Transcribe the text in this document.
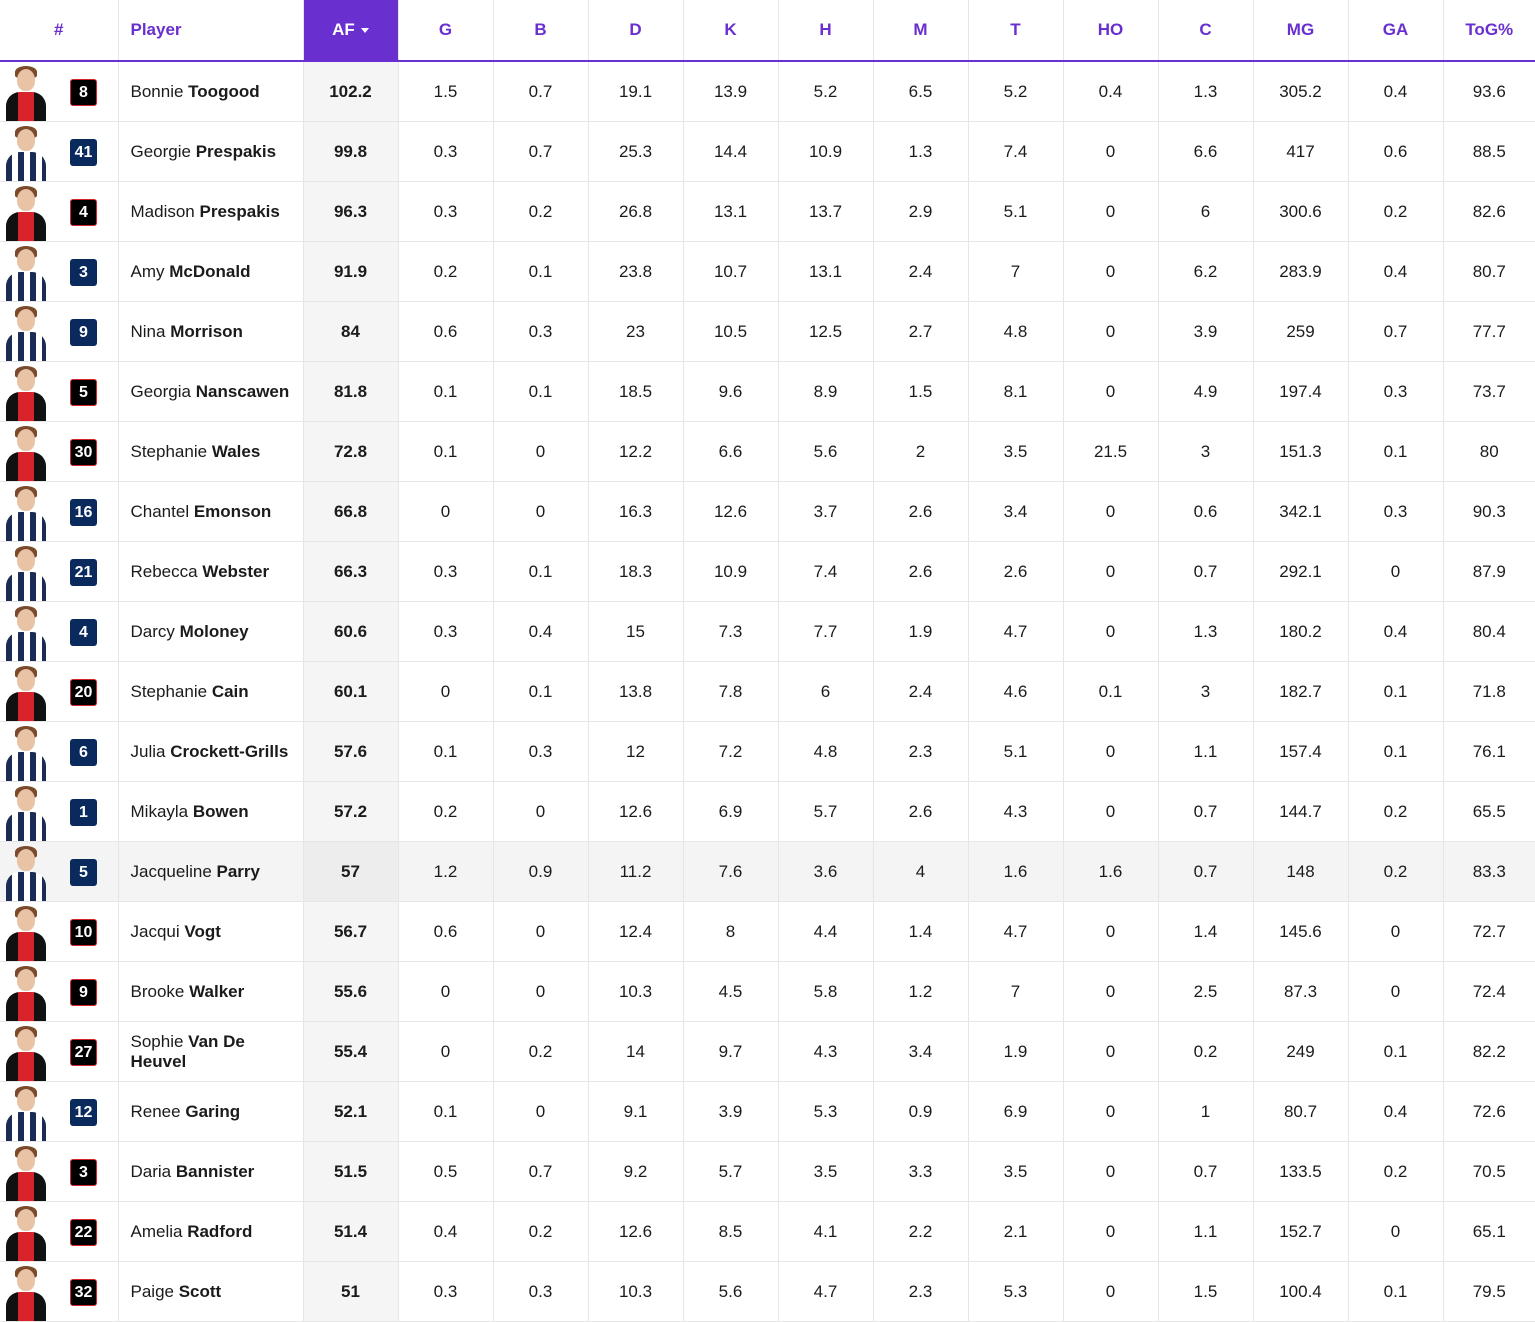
#	Player	AF	G	B	D	K	H	M	T	HO	C	MG	GA	ToG%

8	Bonnie Toogood	102.2	1.5	0.7	19.1	13.9	5.2	6.5	5.2	0.4	1.3	305.2	0.4	93.6

41	Georgie Prespakis	99.8	0.3	0.7	25.3	14.4	10.9	1.3	7.4	0	6.6	417	0.6	88.5

4	Madison Prespakis	96.3	0.3	0.2	26.8	13.1	13.7	2.9	5.1	0	6	300.6	0.2	82.6

3	Amy McDonald	91.9	0.2	0.1	23.8	10.7	13.1	2.4	7	0	6.2	283.9	0.4	80.7

9	Nina Morrison	84	0.6	0.3	23	10.5	12.5	2.7	4.8	0	3.9	259	0.7	77.7

5	Georgia Nanscawen	81.8	0.1	0.1	18.5	9.6	8.9	1.5	8.1	0	4.9	197.4	0.3	73.7

30	Stephanie Wales	72.8	0.1	0	12.2	6.6	5.6	2	3.5	21.5	3	151.3	0.1	80

16	Chantel Emonson	66.8	0	0	16.3	12.6	3.7	2.6	3.4	0	0.6	342.1	0.3	90.3

21	Rebecca Webster	66.3	0.3	0.1	18.3	10.9	7.4	2.6	2.6	0	0.7	292.1	0	87.9

4	Darcy Moloney	60.6	0.3	0.4	15	7.3	7.7	1.9	4.7	0	1.3	180.2	0.4	80.4

20	Stephanie Cain	60.1	0	0.1	13.8	7.8	6	2.4	4.6	0.1	3	182.7	0.1	71.8

6	Julia Crockett-Grills	57.6	0.1	0.3	12	7.2	4.8	2.3	5.1	0	1.1	157.4	0.1	76.1

1	Mikayla Bowen	57.2	0.2	0	12.6	6.9	5.7	2.6	4.3	0	0.7	144.7	0.2	65.5

5	Jacqueline Parry	57	1.2	0.9	11.2	7.6	3.6	4	1.6	1.6	0.7	148	0.2	83.3

10	Jacqui Vogt	56.7	0.6	0	12.4	8	4.4	1.4	4.7	0	1.4	145.6	0	72.7

9	Brooke Walker	55.6	0	0	10.3	4.5	5.8	1.2	7	0	2.5	87.3	0	72.4

27	Sophie Van De Heuvel	55.4	0	0.2	14	9.7	4.3	3.4	1.9	0	0.2	249	0.1	82.2

12	Renee Garing	52.1	0.1	0	9.1	3.9	5.3	0.9	6.9	0	1	80.7	0.4	72.6

3	Daria Bannister	51.5	0.5	0.7	9.2	5.7	3.5	3.3	3.5	0	0.7	133.5	0.2	70.5

22	Amelia Radford	51.4	0.4	0.2	12.6	8.5	4.1	2.2	2.1	0	1.1	152.7	0	65.1

32	Paige Scott	51	0.3	0.3	10.3	5.6	4.7	2.3	5.3	0	1.5	100.4	0.1	79.5
